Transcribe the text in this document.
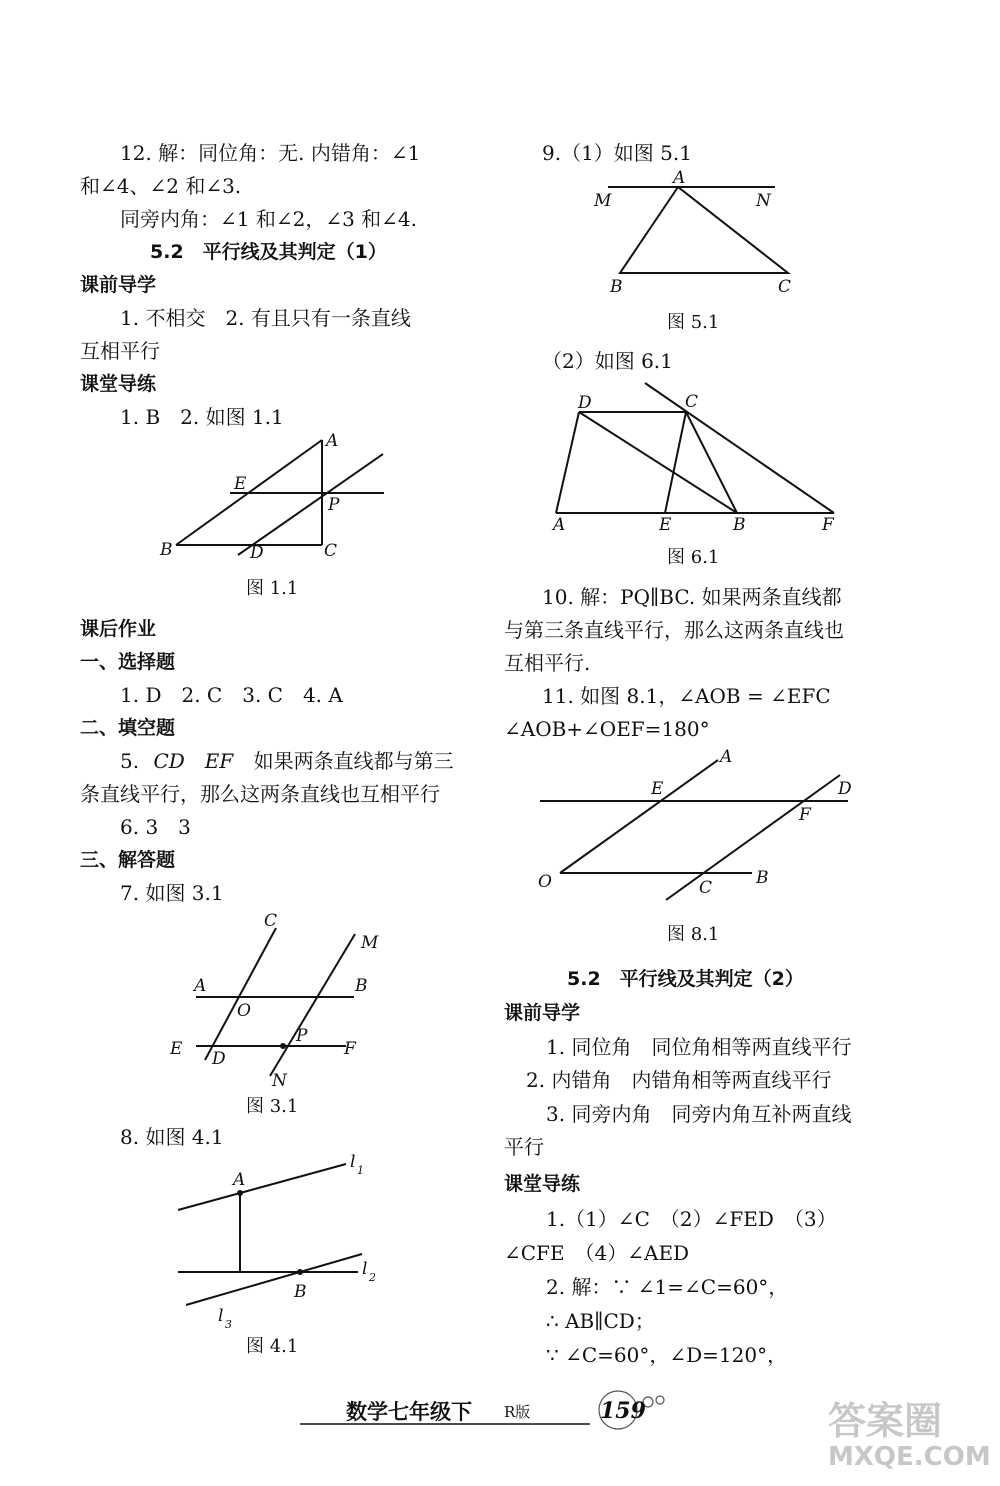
12. 解：同位角：无. 内错角：∠1
和∠4、∠2 和∠3.
同旁内角：∠1 和∠2，∠3 和∠4.
5.2　平行线及其判定（1）
课前导学
1. 不相交　2. 有且只有一条直线
互相平行
课堂导练
1. B　2. 如图 1.1
A
E
P
B	D	C
图 1.1
课后作业
一、选择题
1. D　2. C　3. C　4. A
二、填空题
5. CD　EF 如果两条直线都与第三
条直线平行，那么这两条直线也互相平行
6. 3　3
三、解答题
7. 如图 3.1
C
M
A	B
O
P
E D	F
N
图 3.1
8. 如图 4.1
A
l 1
B
l 2
l 3
图 4.1
9.（1）如图 5.1
A
M	N
B	C
图 5.1
（2）如图 6.1
D	C
A	E	B	F
图 6.1
10. 解：PQ∥BC. 如果两条直线都
与第三条直线平行，那么这两条直线也
互相平行.
11. 如图 8.1，∠AOB = ∠EFC
∠AOB+∠OEF=180°
A
E	D
F
O	C	B
图 8.1
5.2　平行线及其判定（2）
课前导学
1. 同位角　同位角相等两直线平行
2. 内错角　内错角相等两直线平行
3. 同旁内角　同旁内角互补两直线
平行
课堂导练
1.（1）∠C　（2）∠FED　（3）
∠CFE　（4）∠AED
2. 解：∵ ∠1=∠C=60°，
∴ AB∥CD；
∵ ∠C=60°，∠D=120°，
数学七年级下 R版	159	答案圈
MXQE.COM
